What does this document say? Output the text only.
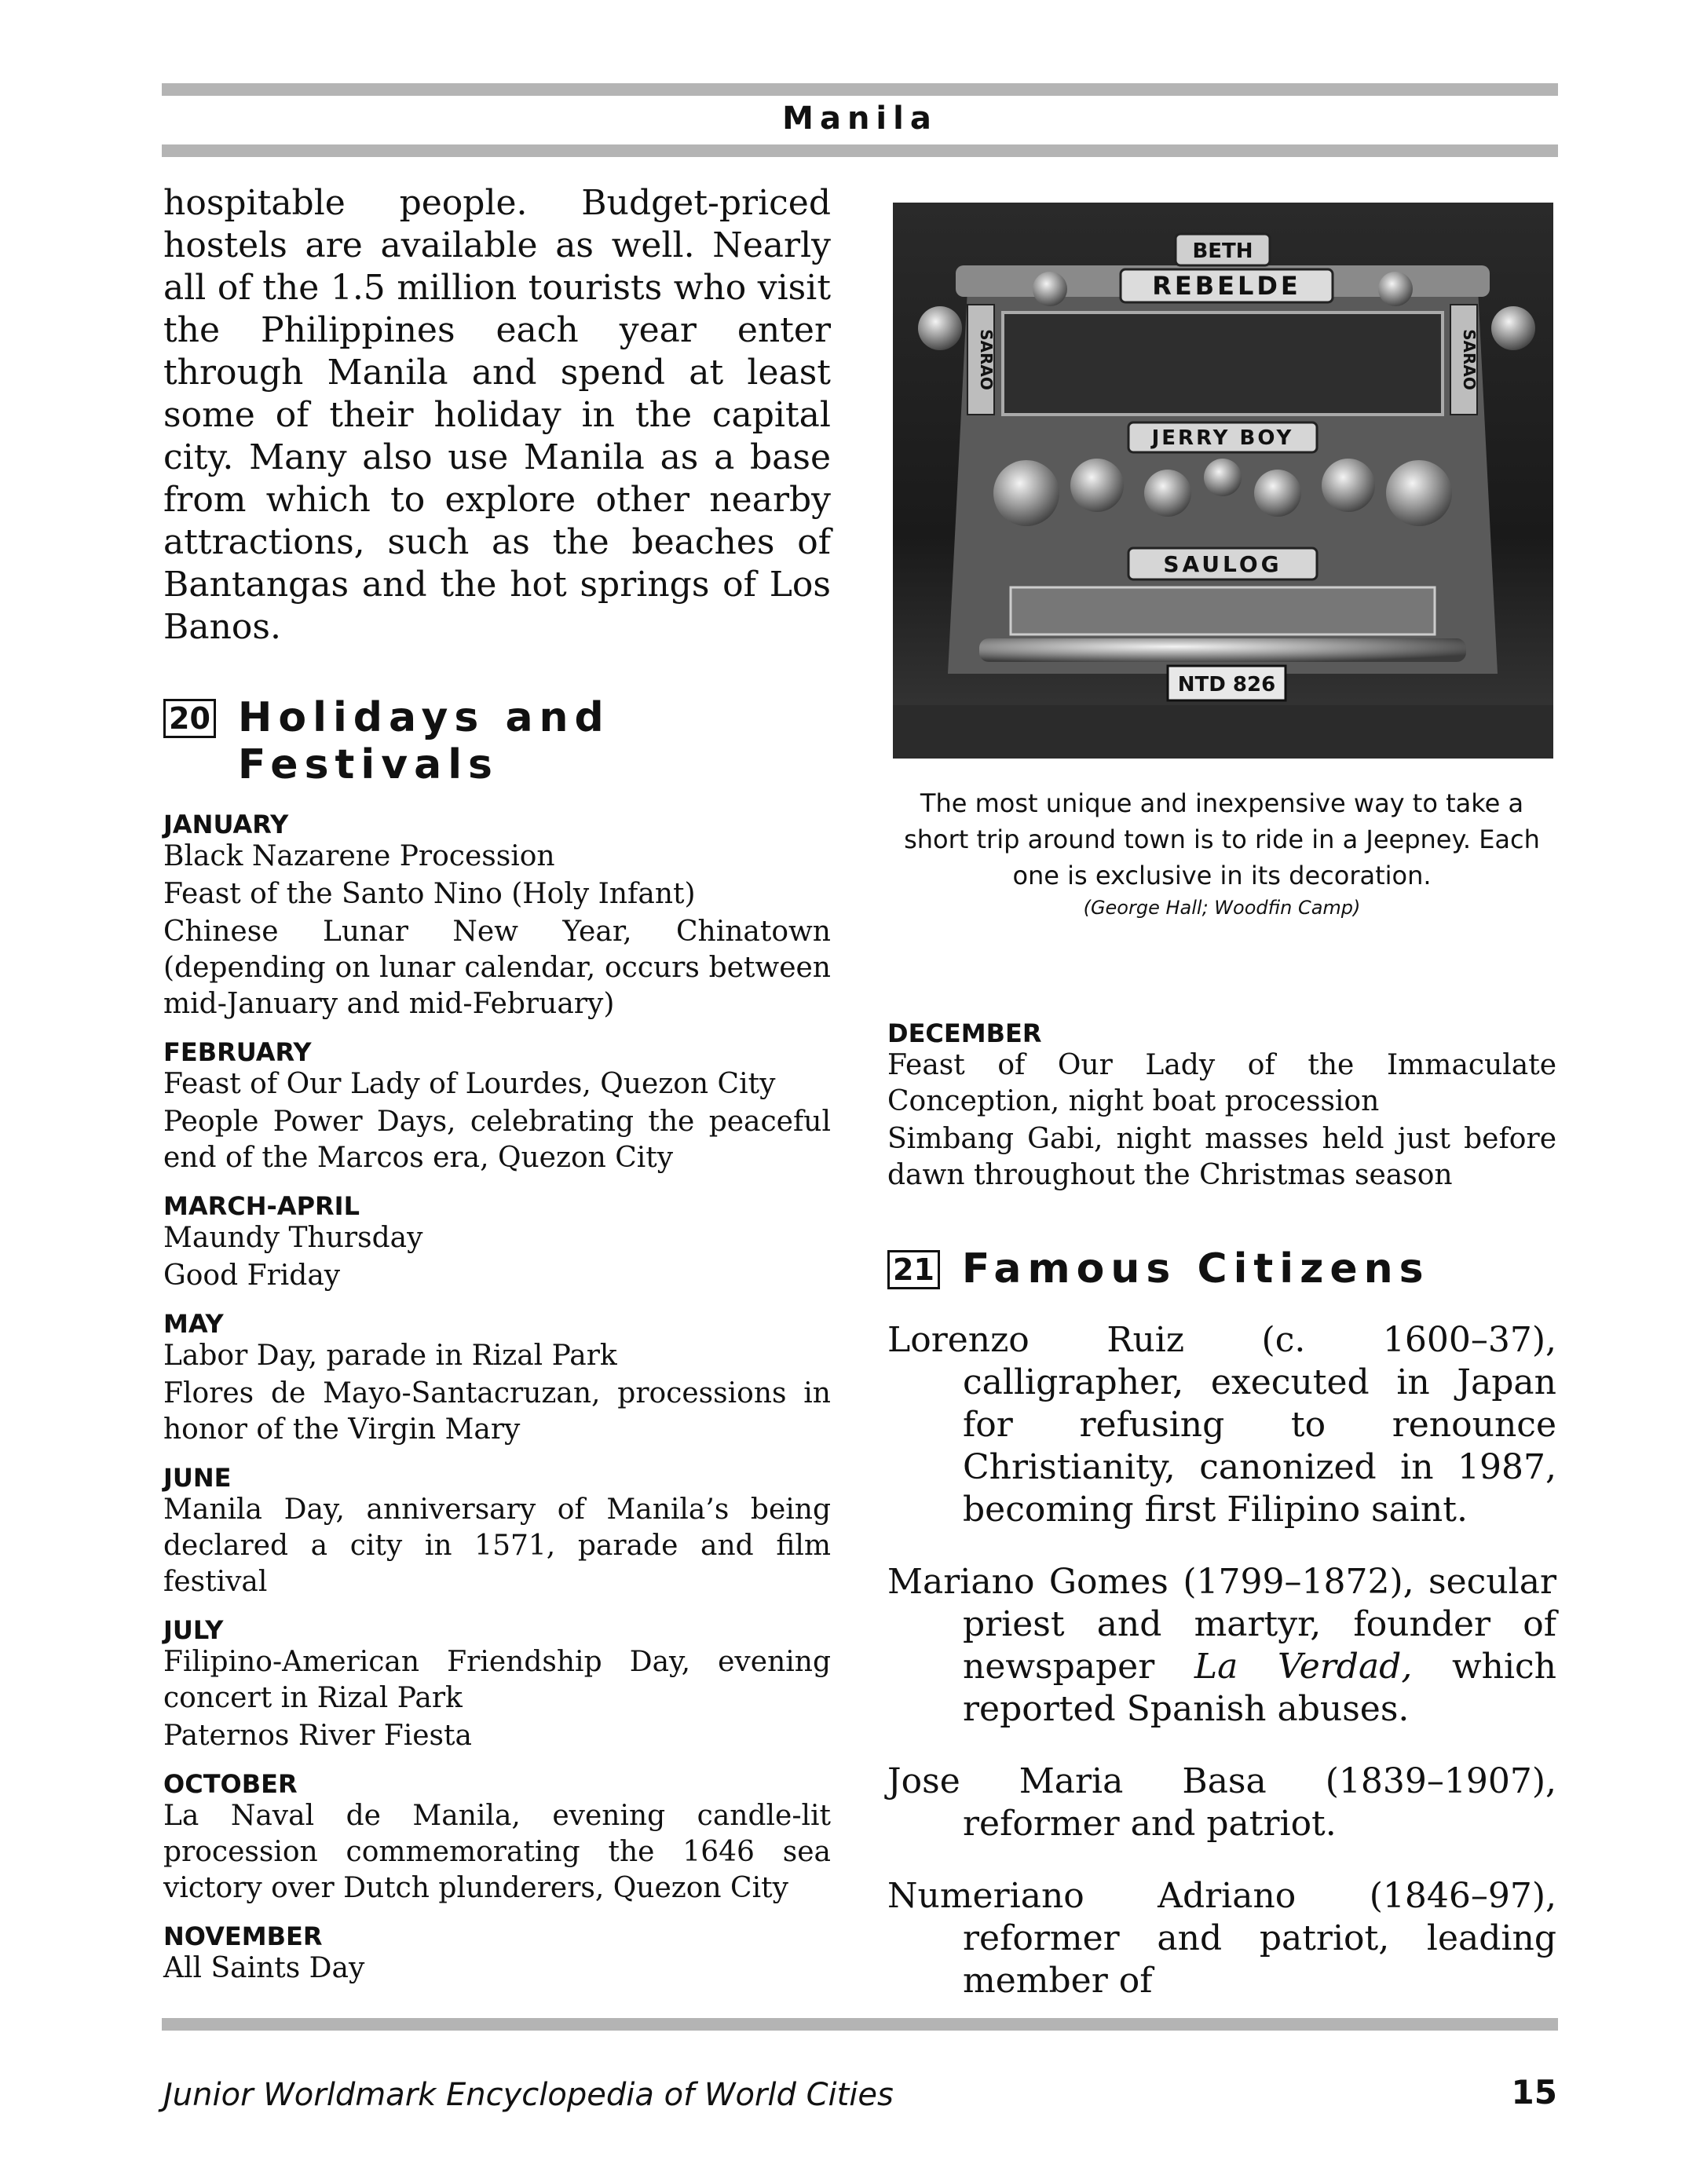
Manila

hospitable people. Budget-priced hostels are available as well. Nearly all of the 1.5 million tourists who visit the Philippines each year enter through Manila and spend at least some of their holiday in the capital city. Many also use Manila as a base from which to explore other nearby attractions, such as the beaches of Bantangas and the hot springs of Los Banos.

20 Holidays and
Festivals

JANUARY

Black Nazarene Procession

Feast of the Santo Nino (Holy Infant)

Chinese Lunar New Year, Chinatown (depending on lunar calendar, occurs between mid-January and mid-February)

FEBRUARY

Feast of Our Lady of Lourdes, Quezon City

People Power Days, celebrating the peaceful end of the Marcos era, Quezon City

MARCH-APRIL

Maundy Thursday

Good Friday

MAY

Labor Day, parade in Rizal Park

Flores de Mayo-Santacruzan, processions in honor of the Virgin Mary

JUNE

Manila Day, anniversary of Manila’s being declared a city in 1571, parade and film festival

JULY

Filipino-American Friendship Day, evening concert in Rizal Park

Paternos River Fiesta

OCTOBER

La Naval de Manila, evening candle-lit procession commemorating the 1646 sea victory over Dutch plunderers, Quezon City

NOVEMBER

All Saints Day

BETH
REBELDE
SARAO	SARAO
JERRY BOY
SAULOG
NTD 826
The most unique and inexpensive way to take a short trip around town is to ride in a Jeepney. Each one is exclusive in its decoration.
(George Hall; Woodfin Camp)

DECEMBER

Feast of Our Lady of the Immaculate Conception, night boat procession

Simbang Gabi, night masses held just before dawn throughout the Christmas season

21 Famous Citizens

Lorenzo Ruiz (c. 1600–37), calligrapher, executed in Japan for refusing to renounce Christianity, canonized in 1987, becoming first Filipino saint.

Mariano Gomes (1799–1872), secular priest and martyr, founder of newspaper La Verdad, which reported Spanish abuses.

Jose Maria Basa (1839–1907), reformer and patriot.

Numeriano Adriano (1846–97), reformer and patriot, leading member of

Junior Worldmark Encyclopedia of World Cities	15
